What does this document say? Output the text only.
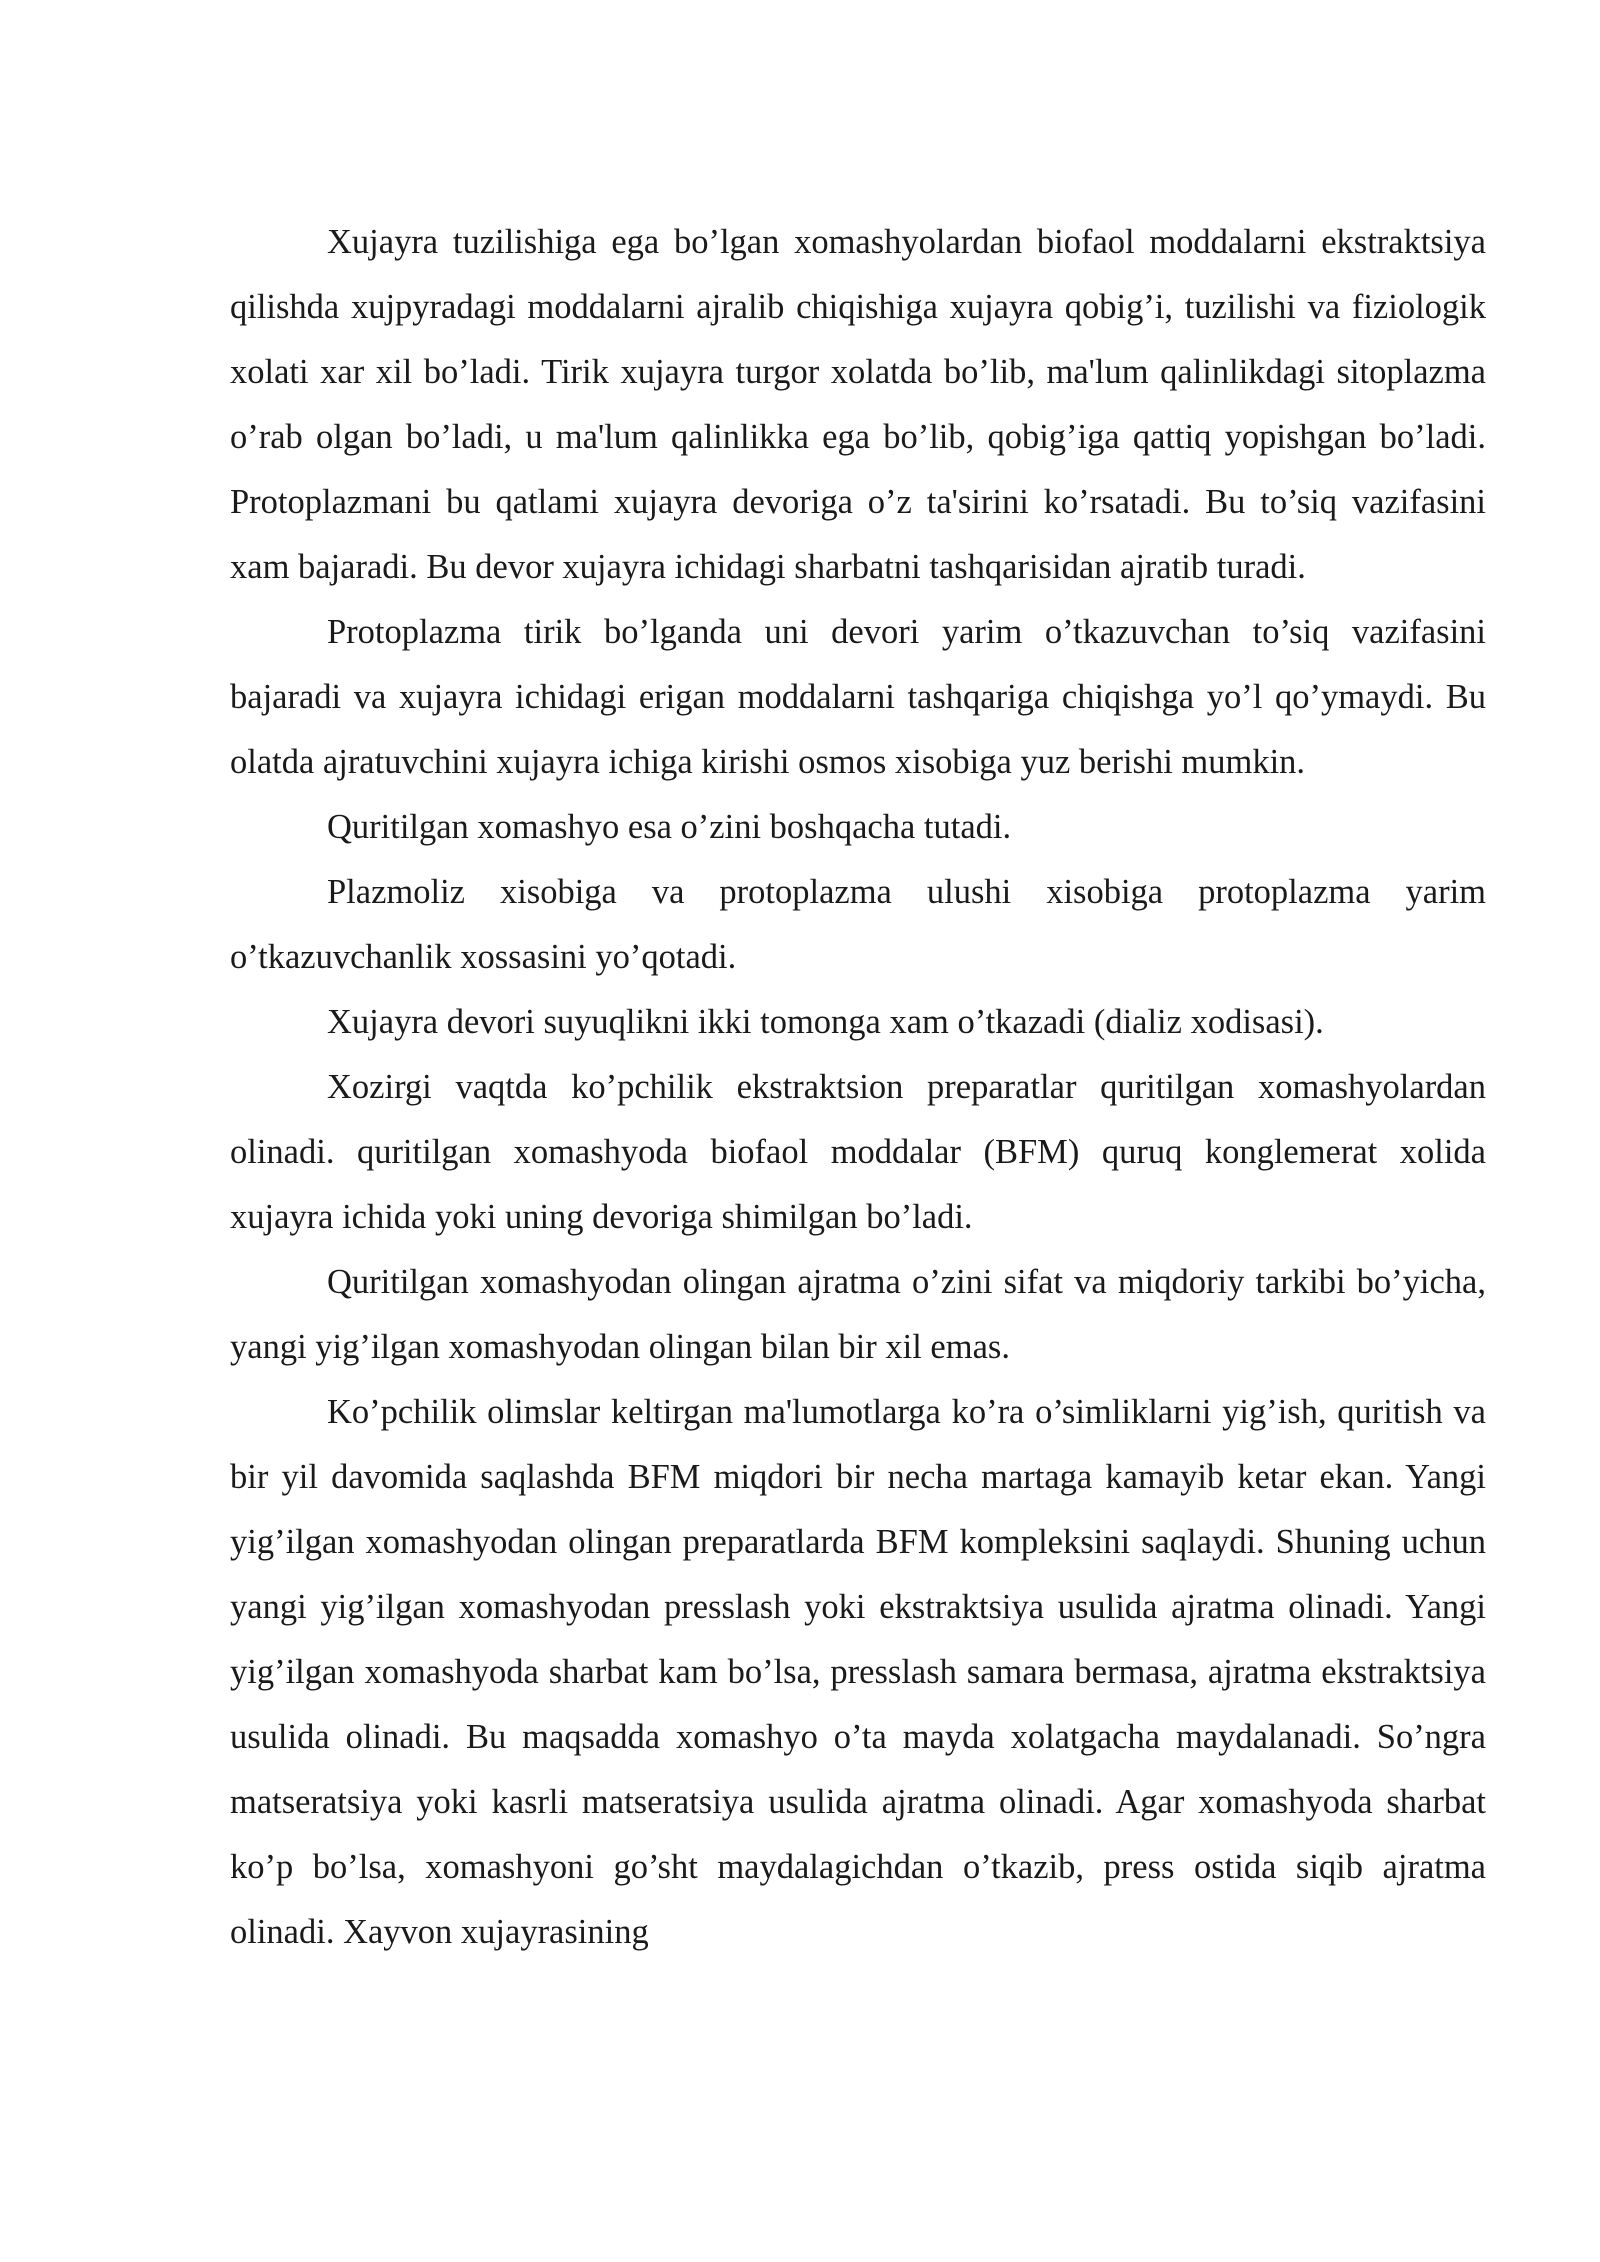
Xujayra tuzilishiga ega bo’lgan xomashyolardan biofaol moddalarni ekstraktsiya qilishda xujpyradagi moddalarni ajralib chiqishiga xujayra qobig’i, tuzilishi va fiziologik xolati xar xil bo’ladi. Tirik xujayra turgor xolatda bo’lib, ma'lum qalinlikdagi sitoplazma o’rab olgan bo’ladi, u ma'lum qalinlikka ega bo’lib, qobig’iga qattiq yopishgan bo’ladi. Protoplazmani bu qatlami xujayra devoriga o’z ta'sirini ko’rsatadi. Bu to’siq vazifasini xam bajaradi. Bu devor xujayra ichidagi sharbatni tashqarisidan ajratib turadi.

Protoplazma tirik bo’lganda uni devori yarim o’tkazuvchan to’siq vazifasini bajaradi va xujayra ichidagi erigan moddalarni tashqariga chiqishga yo’l qo’ymaydi. Bu olatda ajratuvchini xujayra ichiga kirishi osmos xisobiga yuz berishi mumkin.

Quritilgan xomashyo esa o’zini boshqacha tutadi.

Plazmoliz xisobiga va protoplazma ulushi xisobiga protoplazma yarim o’tkazuvchanlik xossasini yo’qotadi.

Xujayra devori suyuqlikni ikki tomonga xam o’tkazadi (dializ xodisasi).

Xozirgi vaqtda ko’pchilik ekstraktsion preparatlar quritilgan xomashyolardan olinadi. quritilgan xomashyoda biofaol moddalar (BFM) quruq konglemerat xolida xujayra ichida yoki uning devoriga shimilgan bo’ladi.

Quritilgan xomashyodan olingan ajratma o’zini sifat va miqdoriy tarkibi bo’yicha, yangi yig’ilgan xomashyodan olingan bilan bir xil emas.

Ko’pchilik olimslar keltirgan ma'lumotlarga ko’ra o’simliklarni yig’ish, quritish va bir yil davomida saqlashda BFM miqdori bir necha martaga kamayib ketar ekan. Yangi yig’ilgan xomashyodan olingan preparatlarda BFM kompleksini saqlaydi. Shuning uchun yangi yig’ilgan xomashyodan presslash yoki ekstraktsiya usulida ajratma olinadi. Yangi yig’ilgan xomashyoda sharbat kam bo’lsa, presslash samara bermasa, ajratma ekstraktsiya usulida olinadi. Bu maqsadda xomashyo o’ta mayda xolatgacha maydalanadi. So’ngra matseratsiya yoki kasrli matseratsiya usulida ajratma olinadi. Agar xomashyoda sharbat ko’p bo’lsa, xomashyoni go’sht maydalagichdan o’tkazib, press ostida siqib ajratma olinadi. Xayvon xujayrasining
